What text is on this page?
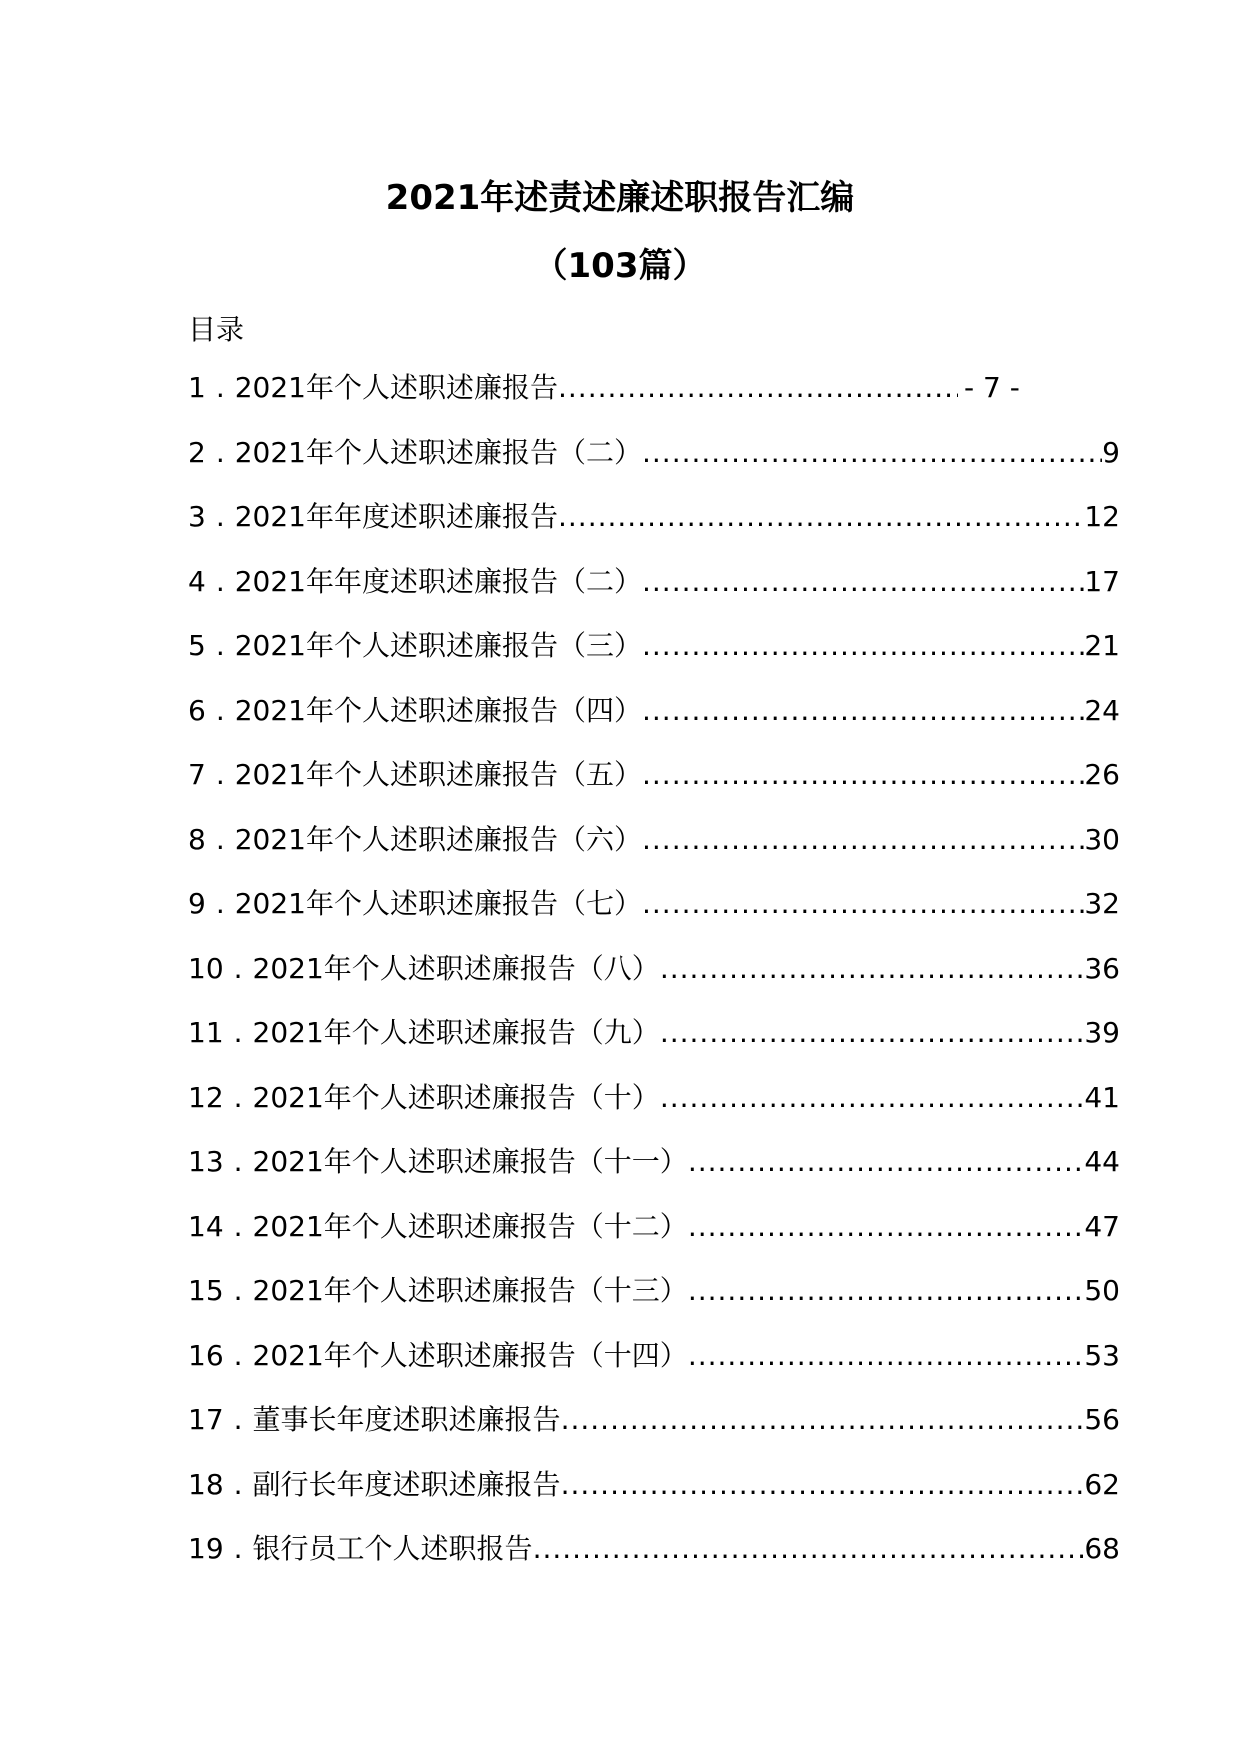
2021年述责述廉述职报告汇编
（103篇）
目录
1 . 2021年个人述职述廉报告 .....	- 7 -
2 . 2021年个人述职述廉报告（二） .....	9
3 . 2021年年度述职述廉报告 .....	12
4 . 2021年年度述职述廉报告（二） .....	17
5 . 2021年个人述职述廉报告（三） .....	21
6 . 2021年个人述职述廉报告（四） .....	24
7 . 2021年个人述职述廉报告（五） .....	26
8 . 2021年个人述职述廉报告（六） .....	30
9 . 2021年个人述职述廉报告（七） .....	32
10 . 2021年个人述职述廉报告（八） .....	36
11 . 2021年个人述职述廉报告（九） .....	39
12 . 2021年个人述职述廉报告（十） .....	41
13 . 2021年个人述职述廉报告（十一） .....	44
14 . 2021年个人述职述廉报告（十二） .....	47
15 . 2021年个人述职述廉报告（十三） .....	50
16 . 2021年个人述职述廉报告（十四） .....	53
17 . 董事长年度述职述廉报告 .....	56
18 . 副行长年度述职述廉报告 .....	62
19 . 银行员工个人述职报告 .....	68
